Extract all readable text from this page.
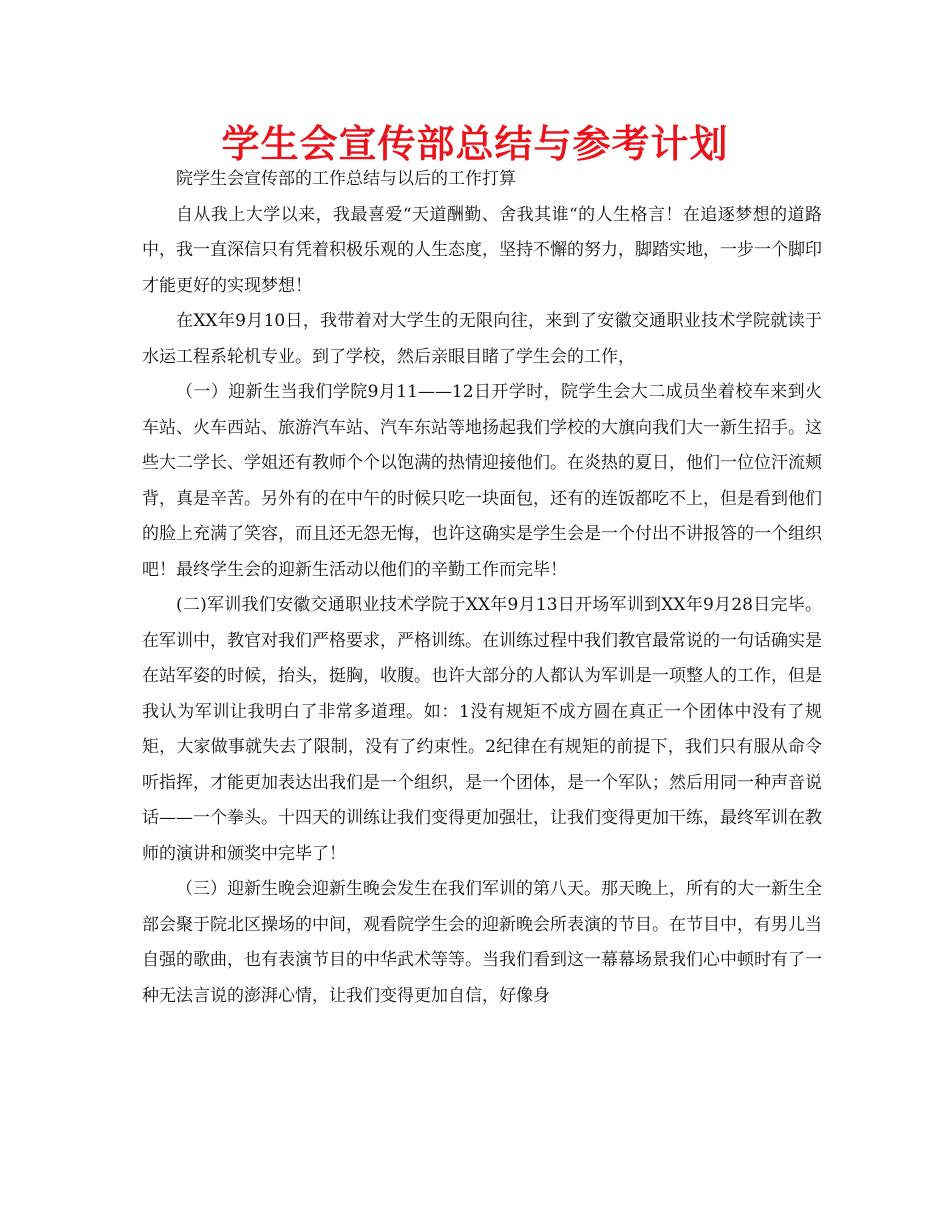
学生会宣传部总结与参考计划

院学生会宣传部的工作总结与以后的工作打算

自从我上大学以来，我最喜爱“天道酬勤、舍我其谁“的人生格言！在追逐梦想的道路中，我一直深信只有凭着积极乐观的人生态度，坚持不懈的努力，脚踏实地，一步一个脚印才能更好的实现梦想！

在XX年9月10日，我带着对大学生的无限向往，来到了安徽交通职业技术学院就读于水运工程系轮机专业。到了学校，然后亲眼目睹了学生会的工作，

（一）迎新生当我们学院9月11——12日开学时，院学生会大二成员坐着校车来到火车站、火车西站、旅游汽车站、汽车东站等地扬起我们学校的大旗向我们大一新生招手。这些大二学长、学姐还有教师个个以饱满的热情迎接他们。在炎热的夏日，他们一位位汗流颊背，真是辛苦。另外有的在中午的时候只吃一块面包，还有的连饭都吃不上，但是看到他们的脸上充满了笑容，而且还无怨无悔，也许这确实是学生会是一个付出不讲报答的一个组织吧！最终学生会的迎新生活动以他们的辛勤工作而完毕！

(二)军训我们安徽交通职业技术学院于XX年9月13日开场军训到XX年9月28日完毕。在军训中，教官对我们严格要求，严格训练。在训练过程中我们教官最常说的一句话确实是在站军姿的时候，抬头，挺胸，收腹。也许大部分的人都认为军训是一项整人的工作，但是我认为军训让我明白了非常多道理。如：1没有规矩不成方圆在真正一个团体中没有了规矩，大家做事就失去了限制，没有了约束性。2纪律在有规矩的前提下，我们只有服从命令听指挥，才能更加表达出我们是一个组织，是一个团体，是一个军队；然后用同一种声音说话——一个拳头。十四天的训练让我们变得更加强壮，让我们变得更加干练，最终军训在教师的演讲和颁奖中完毕了！

（三）迎新生晚会迎新生晚会发生在我们军训的第八天。那天晚上，所有的大一新生全部会聚于院北区操场的中间，观看院学生会的迎新晚会所表演的节目。在节目中，有男儿当自强的歌曲，也有表演节目的中华武术等等。当我们看到这一幕幕场景我们心中顿时有了一种无法言说的澎湃心情，让我们变得更加自信，好像身
